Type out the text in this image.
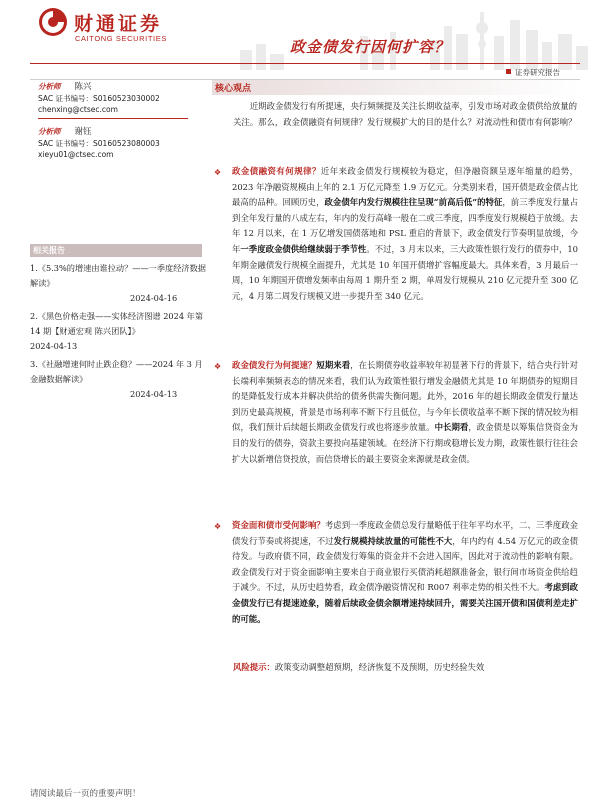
财通证券
CAITONG SECURITIES	政金债发行因何扩容？
证券研究报告
分析师 陈兴
SAC 证书编号：S0160523030002
chenxing@ctsec.com
分析师 谢钰
SAC 证书编号：S0160523080003
xieyu01@ctsec.com
相关报告
1.《5.3%的增速由谁拉动？——一季度经济数据解读》
2024-04-16
2.《黑色价格走强——实体经济图谱 2024 年第 14 期【财通宏观 陈兴团队】》
2024-04-13
3.《社融增速何时止跌企稳？——2024 年 3 月金融数据解读》
2024-04-13
核心观点
近期政金债发行有所提速，央行频频提及关注长期收益率，引发市场对政金债供给放量的关注。那么，政金债融资有何规律？发行规模扩大的目的是什么？对流动性和债市有何影响？
❖ 政金债融资有何规律？近年来政金债发行规模较为稳定，但净融资额呈逐年缩量的趋势，2023 年净融资规模由上年的 2.1 万亿元降至 1.9 万亿元。分类别来看，国开债是政金债占比最高的品种。回顾历史，政金债年内发行规模往往呈现“前高后低”的特征，前三季度发行量占到全年发行量的八成左右，年内的发行高峰一般在二或三季度，四季度发行规模趋于放缓。去年 12 月以来，在 1 万亿增发国债落地和 PSL 重启的背景下，政金债发行节奏明显放缓，今年一季度政金债供给继续弱于季节性。不过，3 月末以来，三大政策性银行发行的债券中，10 年期金融债发行规模全面提升，尤其是 10 年国开债增扩容幅度最大。具体来看，3 月最后一周，10 年期国开债增发频率由每周 1 期升至 2 期，单周发行规模从 210 亿元提升至 300 亿元，4 月第二周发行规模又进一步提升至 340 亿元。
❖ 政金债发行为何提速？短期来看，在长期债券收益率较年初显著下行的背景下，结合央行针对长端利率频频表态的情况来看，我们认为政策性银行增发金融债尤其是 10 年期债券的短期目的是降低发行成本并解决供给的债务供需失衡问题。此外，2016 年的超长期政金债发行量达到历史最高规模，背景是市场利率不断下行且低位，与今年长债收益率不断下探的情况较为相似，我们预计后续超长期政金债发行或也将逐步放量。中长期看，政金债是以筹集信贷资金为目的发行的债券，资款主要投向基建领域。在经济下行期或稳增长发力期，政策性银行往往会扩大以新增信贷投放，而信贷增长的最主要资金来源就是政金债。
❖ 资金面和债市受何影响？考虑到一季度政金债总发行量略低于往年平均水平，二、三季度政金债发行节奏或将提速，不过发行规模持续放量的可能性不大，年内约有 4.54 万亿元的政金债待发。与政府债不同，政金债发行筹集的资金并不会进入国库，因此对于流动性的影响有限。政金债发行对于资金面影响主要来自于商业银行买债消耗超额准备金，银行间市场资金供给趋于减少。不过，从历史趋势看，政金债净融资情况和 R007 利率走势的相关性不大。考虑到政金债发行已有提速迹象，随着后续政金债余额增速持续回升，需要关注国开债和国债利差走扩的可能。
风险提示：政策变动调整超预期，经济恢复不及预期，历史经验失效
请阅读最后一页的重要声明！
